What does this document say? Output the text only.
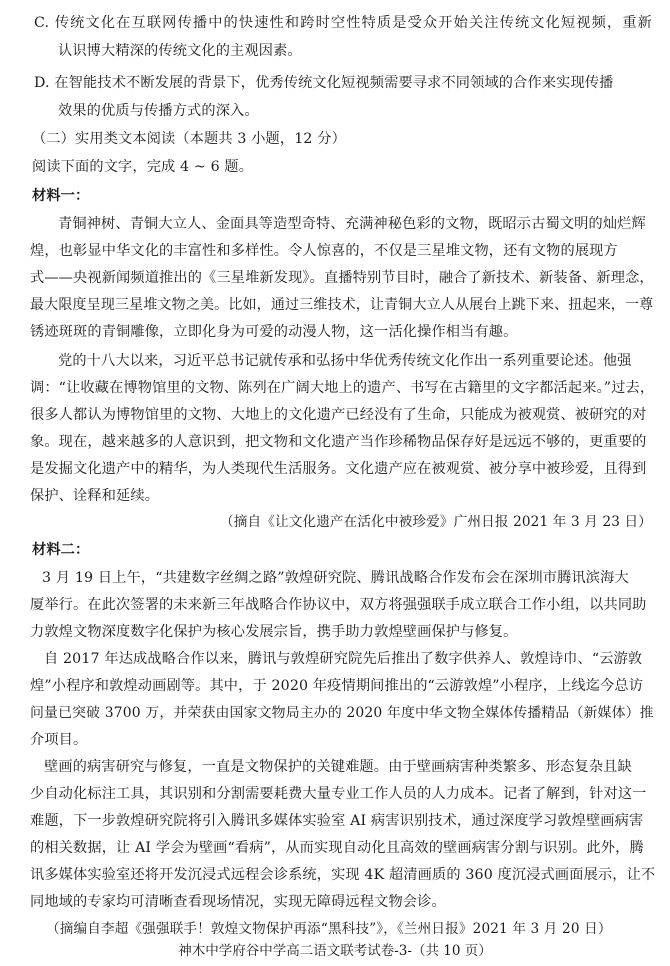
C. 传统文化在互联网传播中的快速性和跨时空性特质是受众开始关注传统文化短视频，重新
认识博大精深的传统文化的主观因素。
D. 在智能技术不断发展的背景下，优秀传统文化短视频需要寻求不同领域的合作来实现传播
效果的优质与传播方式的深入。
（二）实用类文本阅读（本题共 3 小题，12 分）
阅读下面的文字，完成 4 ~ 6 题。
材料一：
青铜神树、青铜大立人、金面具等造型奇特、充满神秘色彩的文物，既昭示古蜀文明的灿烂辉
煌，也彰显中华文化的丰富性和多样性。令人惊喜的，不仅是三星堆文物，还有文物的展现方
式——央视新闻频道推出的《三星堆新发现》。直播特别节目时，融合了新技术、新装备、新理念，
最大限度呈现三星堆文物之美。比如，通过三维技术，让青铜大立人从展台上跳下来、扭起来，一尊
锈迹斑斑的青铜雕像，立即化身为可爱的动漫人物，这一活化操作相当有趣。
党的十八大以来，习近平总书记就传承和弘扬中华优秀传统文化作出一系列重要论述。他强
调：“让收藏在博物馆里的文物、陈列在广阔大地上的遗产、书写在古籍里的文字都活起来。”过去，
很多人都认为博物馆里的文物、大地上的文化遗产已经没有了生命，只能成为被观赏、被研究的对
象。现在，越来越多的人意识到，把文物和文化遗产当作珍稀物品保存好是远远不够的，更重要的
是发掘文化遗产中的精华，为人类现代生活服务。文化遗产应在被观赏、被分享中被珍爱，且得到
保护、诠释和延续。
（摘自《让文化遗产在活化中被珍爱》广州日报 2021 年 3 月 23 日）
材料二：
3 月 19 日上午，“共建数字丝绸之路”敦煌研究院、腾讯战略合作发布会在深圳市腾讯滨海大
厦举行。在此次签署的未来新三年战略合作协议中，双方将强强联手成立联合工作小组，以共同助
力敦煌文物深度数字化保护为核心发展宗旨，携手助力敦煌壁画保护与修复。
自 2017 年达成战略合作以来，腾讯与敦煌研究院先后推出了数字供养人、敦煌诗巾、“云游敦
煌”小程序和敦煌动画剧等。其中，于 2020 年疫情期间推出的“云游敦煌”小程序，上线迄今总访
问量已突破 3700 万，并荣获由国家文物局主办的 2020 年度中华文物全媒体传播精品（新媒体）推
介项目。
壁画的病害研究与修复，一直是文物保护的关键难题。由于壁画病害种类繁多、形态复杂且缺
少自动化标注工具，其识别和分割需要耗费大量专业工作人员的人力成本。记者了解到，针对这一
难题，下一步敦煌研究院将引入腾讯多媒体实验室 AI 病害识别技术，通过深度学习敦煌壁画病害
的相关数据，让 AI 学会为壁画“看病”，从而实现自动化且高效的壁画病害分割与识别。此外，腾
讯多媒体实验室还将开发沉浸式远程会诊系统，实现 4K 超清画质的 360 度沉浸式画面展示，让不
同地域的专家均可清晰查看现场情况，实现无障碍远程文物会诊。
（摘编自李超《强强联手！敦煌文物保护再添“黑科技”》，《兰州日报》2021 年 3 月 20 日）
神木中学府谷中学高二语文联考试卷-3-（共 10 页）
